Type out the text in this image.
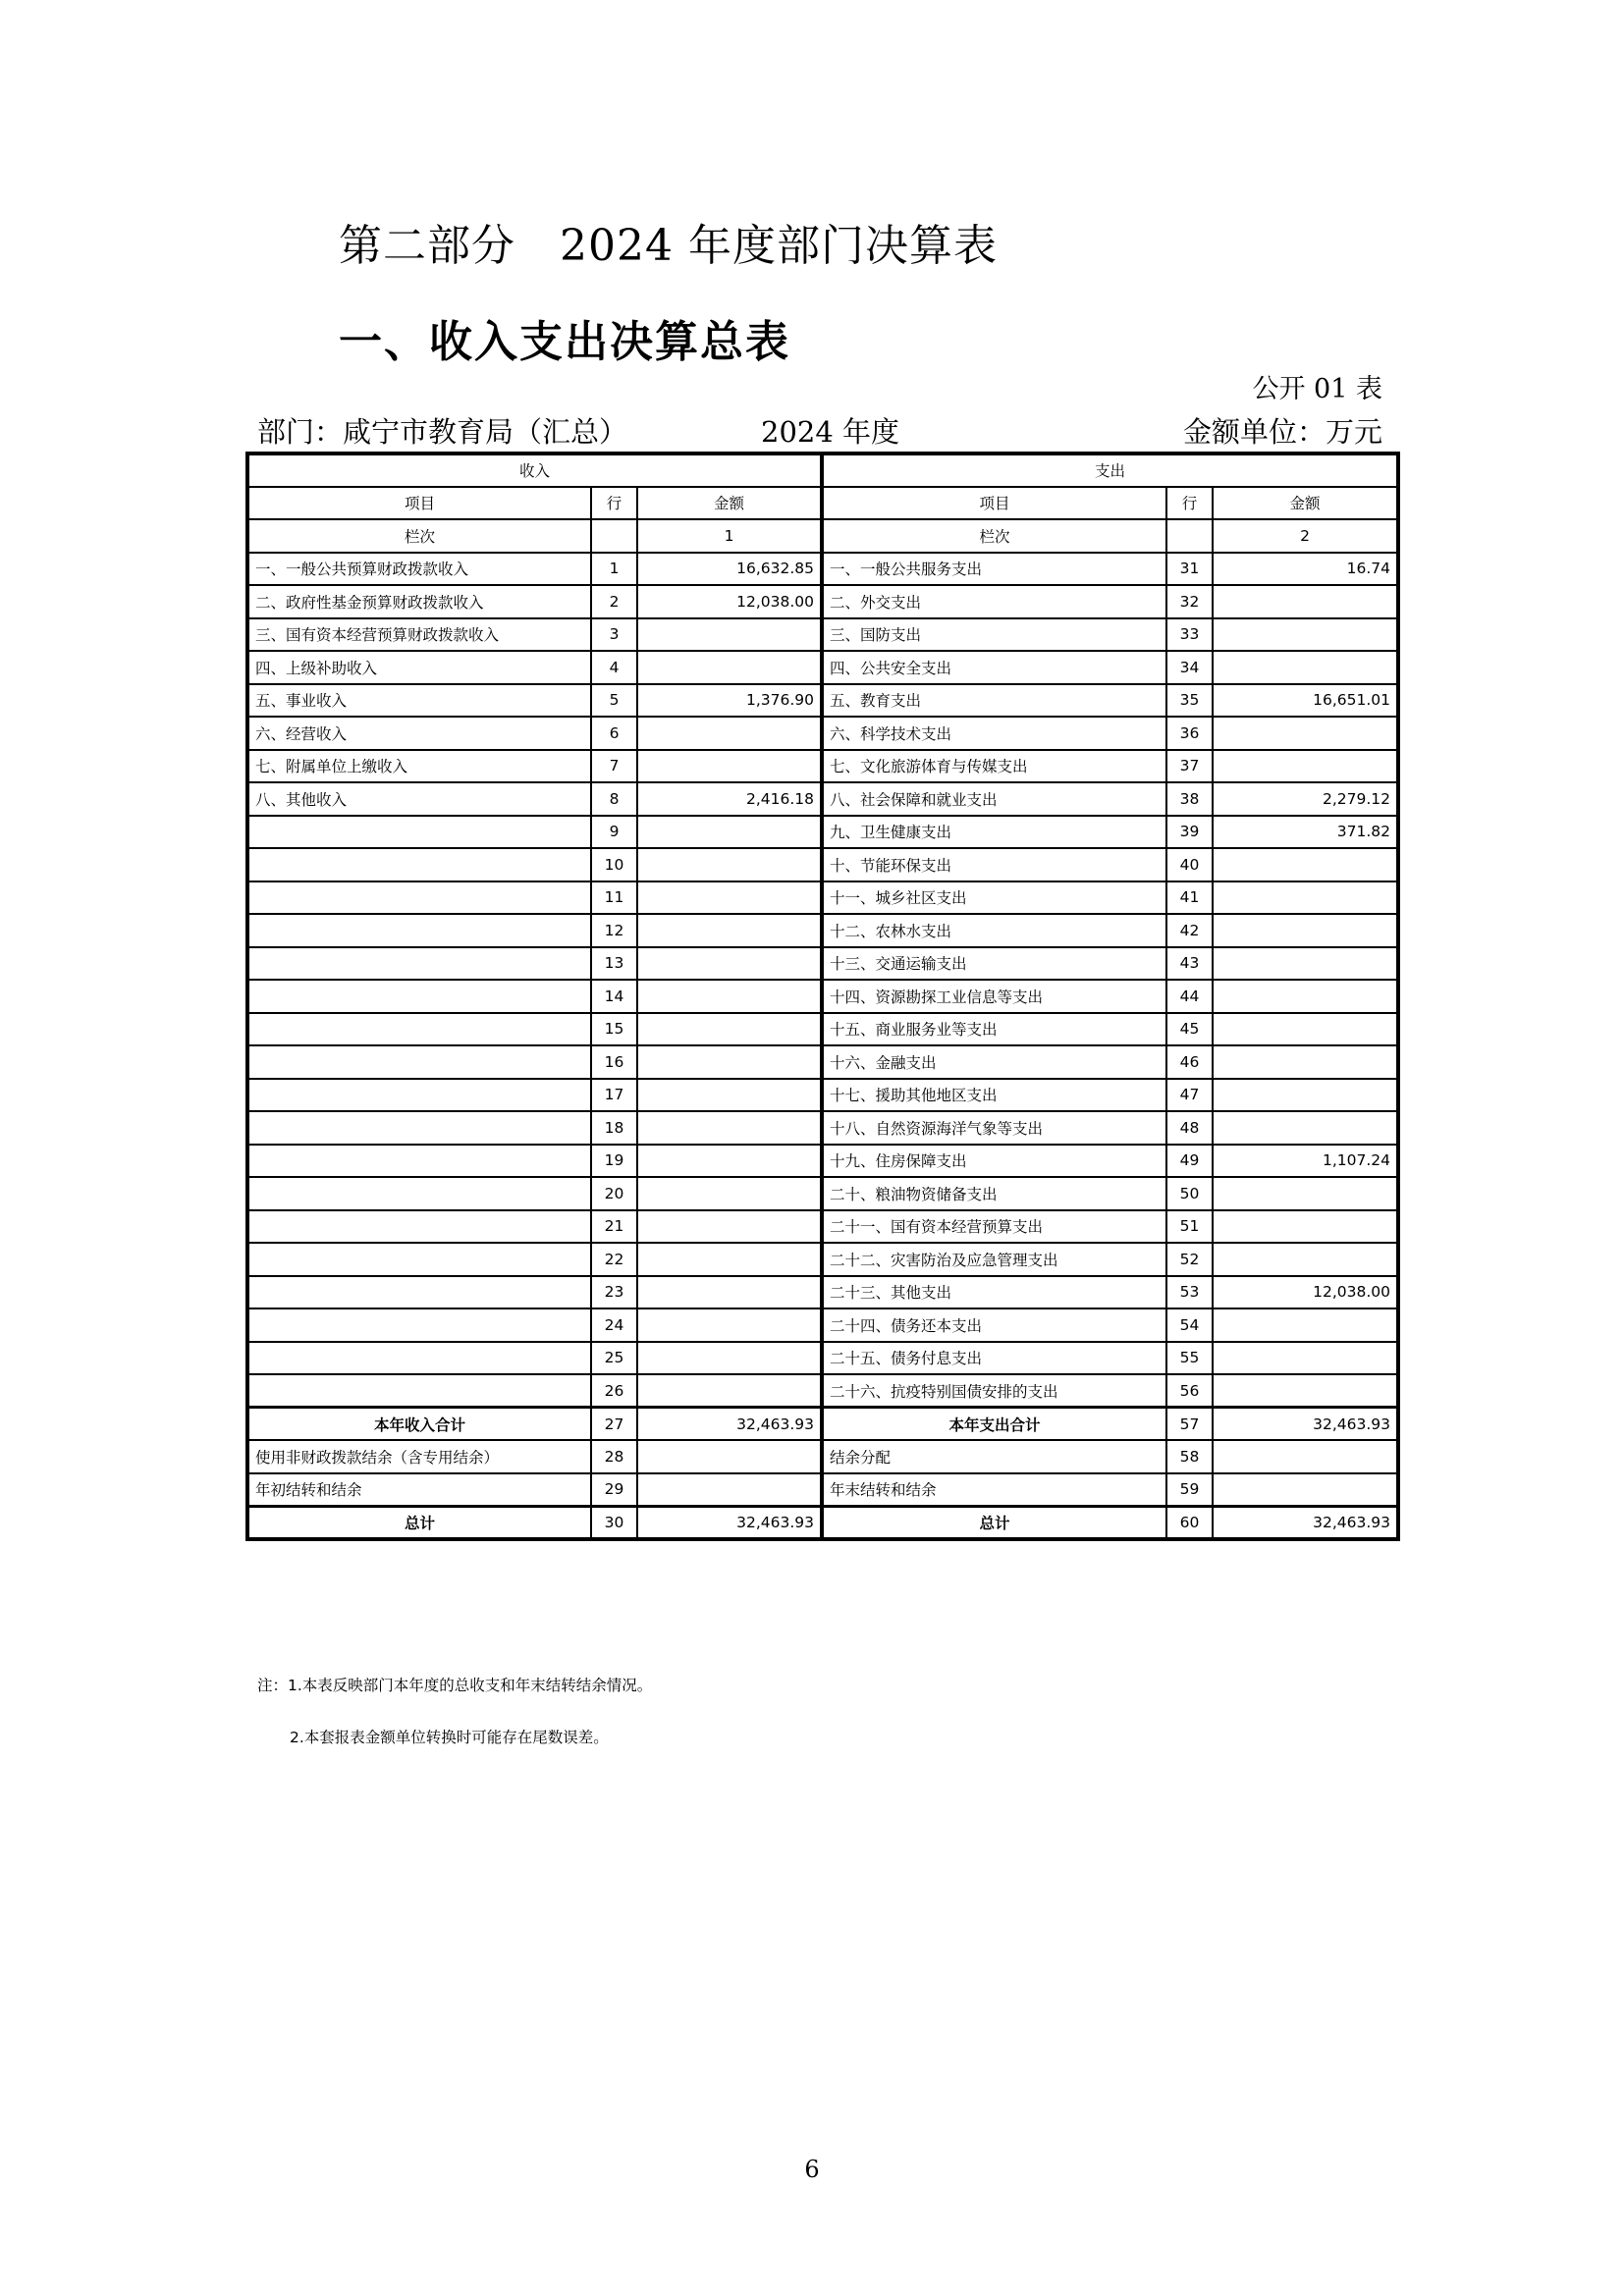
第二部分　2024 年度部门决算表
一、收入支出决算总表
公开 01 表
部门：咸宁市教育局（汇总）	2024 年度	金额单位：万元
收入			支出		
项目	行	金额	项目	行	金额
栏次		1	栏次		2
一、一般公共预算财政拨款收入	1	16,632.85	一、一般公共服务支出	31	16.74
二、政府性基金预算财政拨款收入	2	12,038.00	二、外交支出	32	
三、国有资本经营预算财政拨款收入	3		三、国防支出	33	
四、上级补助收入	4		四、公共安全支出	34	
五、事业收入	5	1,376.90	五、教育支出	35	16,651.01
六、经营收入	6		六、科学技术支出	36	
七、附属单位上缴收入	7		七、文化旅游体育与传媒支出	37	
八、其他收入	8	2,416.18	八、社会保障和就业支出	38	2,279.12
	9		九、卫生健康支出	39	371.82
	10		十、节能环保支出	40	
	11		十一、城乡社区支出	41	
	12		十二、农林水支出	42	
	13		十三、交通运输支出	43	
	14		十四、资源勘探工业信息等支出	44	
	15		十五、商业服务业等支出	45	
	16		十六、金融支出	46	
	17		十七、援助其他地区支出	47	
	18		十八、自然资源海洋气象等支出	48	
	19		十九、住房保障支出	49	1,107.24
	20		二十、粮油物资储备支出	50	
	21		二十一、国有资本经营预算支出	51	
	22		二十二、灾害防治及应急管理支出	52	
	23		二十三、其他支出	53	12,038.00
	24		二十四、债务还本支出	54	
	25		二十五、债务付息支出	55	
	26		二十六、抗疫特别国债安排的支出	56	
本年收入合计	27	32,463.93	本年支出合计	57	32,463.93
使用非财政拨款结余（含专用结余）	28		结余分配	58	
年初结转和结余	29		年末结转和结余	59	
总计	30	32,463.93	总计	60	32,463.93
注：1.本表反映部门本年度的总收支和年末结转结余情况。
2.本套报表金额单位转换时可能存在尾数误差。
6
